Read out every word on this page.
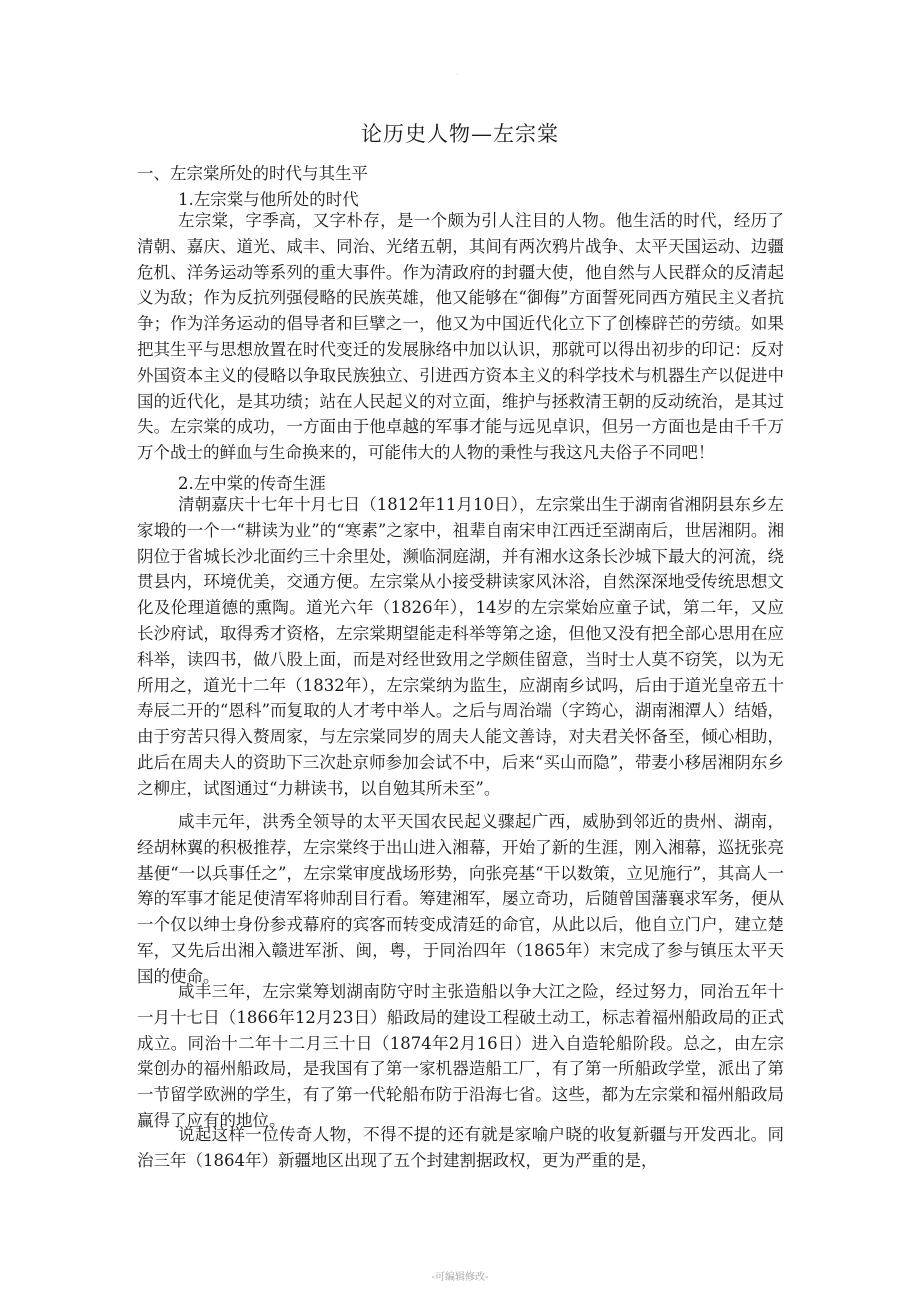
·
论历史人物—左宗棠
一、左宗棠所处的时代与其生平
1.左宗棠与他所处的时代
左宗棠，字季高，又字朴存，是一个颇为引人注目的人物。他生活的时代，经历了清朝、嘉庆、道光、咸丰、同治、光绪五朝，其间有两次鸦片战争、太平天国运动、边疆危机、洋务运动等系列的重大事件。作为清政府的封疆大使，他自然与人民群众的反清起义为敌；作为反抗列强侵略的民族英雄，他又能够在“御侮”方面誓死同西方殖民主义者抗争；作为洋务运动的倡导者和巨擘之一，他又为中国近代化立下了创榛辟芒的劳绩。如果把其生平与思想放置在时代变迁的发展脉络中加以认识，那就可以得出初步的印记：反对外国资本主义的侵略以争取民族独立、引进西方资本主义的科学技术与机器生产以促进中国的近代化，是其功绩；站在人民起义的对立面，维护与拯救清王朝的反动统治，是其过失。左宗棠的成功，一方面由于他卓越的军事才能与远见卓识，但另一方面也是由千千万万个战士的鲜血与生命换来的，可能伟大的人物的秉性与我这凡夫俗子不同吧！
2.左中棠的传奇生涯
清朝嘉庆十七年十月七日（1812年11月10日），左宗棠出生于湖南省湘阴县东乡左家塅的一个一“耕读为业”的“寒素”之家中，祖辈自南宋申江西迁至湖南后，世居湘阴。湘阴位于省城长沙北面约三十余里处，濒临洞庭湖，并有湘水这条长沙城下最大的河流，绕贯县内，环境优美，交通方便。左宗棠从小接受耕读家风沐浴，自然深深地受传统思想文化及伦理道德的熏陶。道光六年（1826年），14岁的左宗棠始应童子试，第二年，又应长沙府试，取得秀才资格，左宗棠期望能走科举等第之途，但他又没有把全部心思用在应科举，读四书，做八股上面，而是对经世致用之学颇佳留意，当时士人莫不窃笑，以为无所用之，道光十二年（1832年），左宗棠纳为监生，应湖南乡试吗，后由于道光皇帝五十寿辰二开的“恩科”而复取的人才考中举人。之后与周治端（字筠心，湖南湘潭人）结婚，由于穷苦只得入赘周家，与左宗棠同岁的周夫人能文善诗，对夫君关怀备至，倾心相助，此后在周夫人的资助下三次赴京师参加会试不中，后来“买山而隐”，带妻小移居湘阴东乡之柳庄，试图通过“力耕读书，以自勉其所未至”。
咸丰元年，洪秀全领导的太平天国农民起义骤起广西，威胁到邻近的贵州、湖南，经胡林翼的积极推荐，左宗棠终于出山进入湘幕，开始了新的生涯，刚入湘幕，巡抚张亮基便“一以兵事任之”，左宗棠审度战场形势，向张亮基“干以数策，立见施行”，其高人一筹的军事才能足使清军将帅刮目行看。筹建湘军，屡立奇功，后随曾国藩襄求军务，便从一个仅以绅士身份参戎幕府的宾客而转变成清廷的命官，从此以后，他自立门户，建立楚军，又先后出湘入赣进军浙、闽，粤，于同治四年（1865年）末完成了参与镇压太平天国的使命。
咸丰三年，左宗棠筹划湖南防守时主张造船以争大江之险，经过努力，同治五年十一月十七日（1866年12月23日）船政局的建设工程破土动工，标志着福州船政局的正式成立。同治十二年十二月三十日（1874年2月16日）进入自造轮船阶段。总之，由左宗棠创办的福州船政局，是我国有了第一家机器造船工厂，有了第一所船政学堂，派出了第一节留学欧洲的学生，有了第一代轮船布防于沿海七省。这些，都为左宗棠和福州船政局赢得了应有的地位。
说起这样一位传奇人物，不得不提的还有就是家喻户晓的收复新疆与开发西北。同治三年（1864年）新疆地区出现了五个封建割据政权，更为严重的是，
-可编辑修改-
